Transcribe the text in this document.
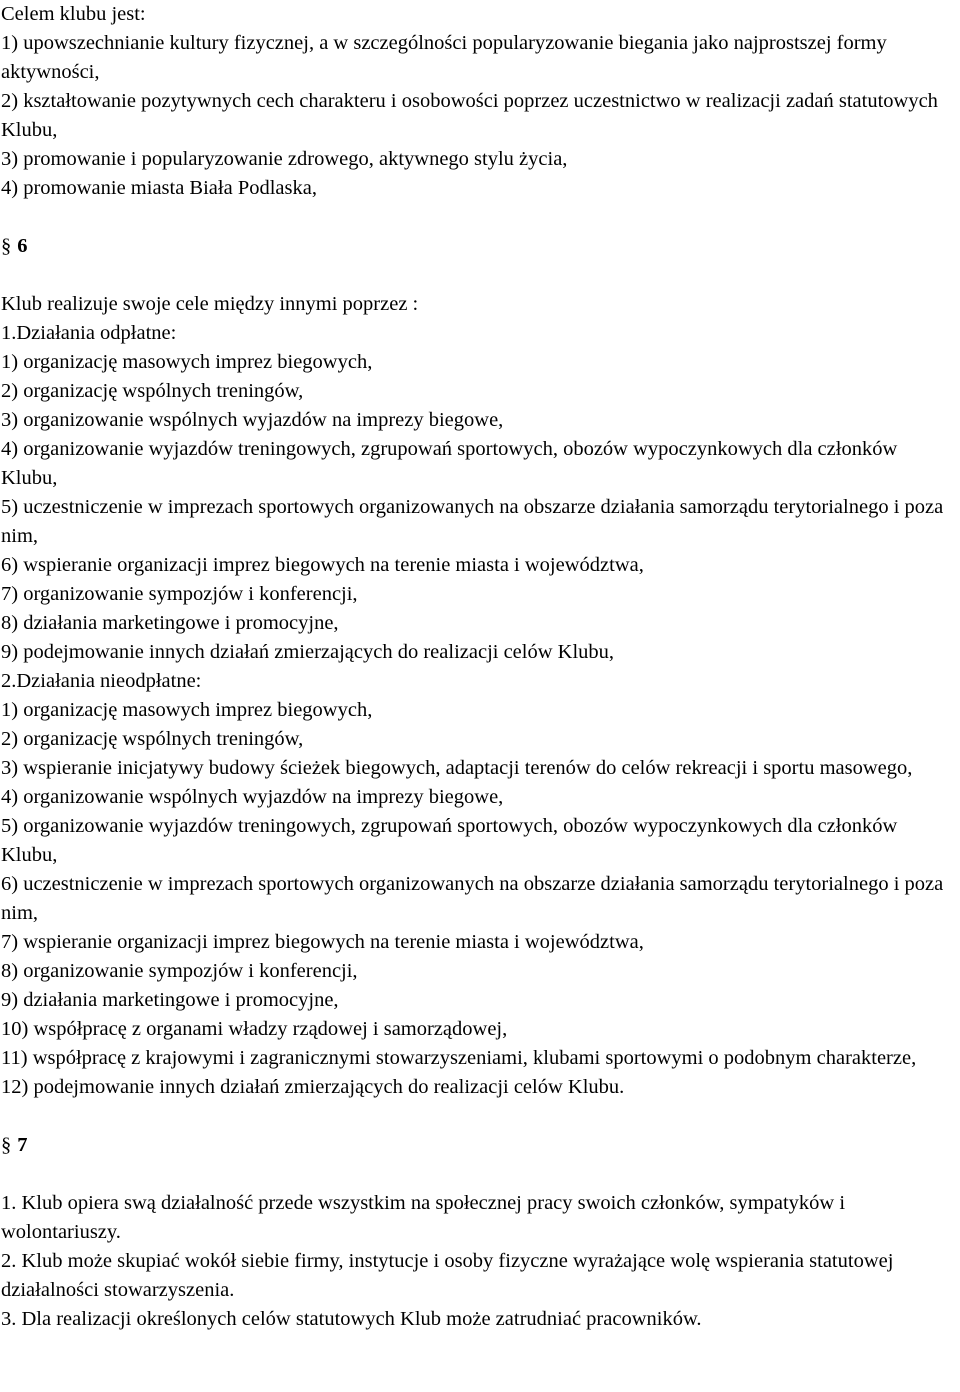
Celem klubu jest:

1) upowszechnianie kultury fizycznej, a w szczególności popularyzowanie biegania jako najprostszej formy aktywności,

2) kształtowanie pozytywnych cech charakteru i osobowości poprzez uczestnictwo w realizacji zadań statutowych Klubu,

3) promowanie i popularyzowanie zdrowego, aktywnego stylu życia,

4) promowanie miasta Biała Podlaska,

§ 6

Klub realizuje swoje cele między innymi poprzez :

1.Działania odpłatne:

1) organizację masowych imprez biegowych,

2) organizację wspólnych treningów,

3) organizowanie wspólnych wyjazdów na imprezy biegowe,

4) organizowanie wyjazdów treningowych, zgrupowań sportowych, obozów wypoczynkowych dla członków Klubu,

5) uczestniczenie w imprezach sportowych organizowanych na obszarze działania samorządu terytorialnego i poza nim,

6) wspieranie organizacji imprez biegowych na terenie miasta i województwa,

7) organizowanie sympozjów i konferencji,

8) działania marketingowe i promocyjne,

9) podejmowanie innych działań zmierzających do realizacji celów Klubu,

2.Działania nieodpłatne:

1) organizację masowych imprez biegowych,

2) organizację wspólnych treningów,

3) wspieranie inicjatywy budowy ścieżek biegowych, adaptacji terenów do celów rekreacji i sportu masowego,

4) organizowanie wspólnych wyjazdów na imprezy biegowe,

5) organizowanie wyjazdów treningowych, zgrupowań sportowych, obozów wypoczynkowych dla członków Klubu,

6) uczestniczenie w imprezach sportowych organizowanych na obszarze działania samorządu terytorialnego i poza nim,

7) wspieranie organizacji imprez biegowych na terenie miasta i województwa,

8) organizowanie sympozjów i konferencji,

9) działania marketingowe i promocyjne,

10) współpracę z organami władzy rządowej i samorządowej,

11) współpracę z krajowymi i zagranicznymi stowarzyszeniami, klubami sportowymi o podobnym charakterze,

12) podejmowanie innych działań zmierzających do realizacji celów Klubu.

§ 7

1. Klub opiera swą działalność przede wszystkim na społecznej pracy swoich członków, sympatyków i wolontariuszy.

2. Klub może skupiać wokół siebie firmy, instytucje i osoby fizyczne wyrażające wolę wspierania statutowej działalności stowarzyszenia.

3. Dla realizacji określonych celów statutowych Klub może zatrudniać pracowników.
